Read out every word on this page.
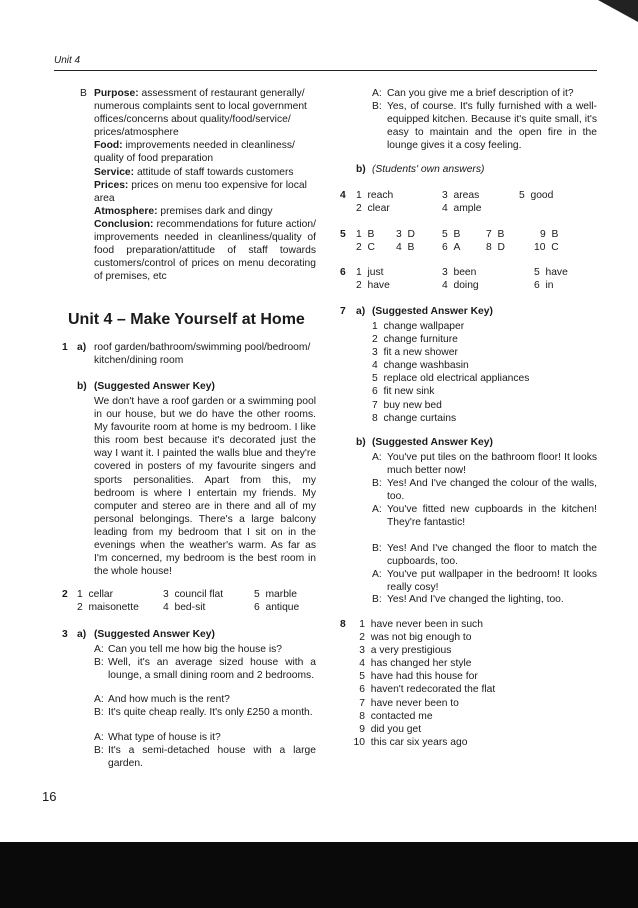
Unit 4
B Purpose: assessment of restaurant generally/ numerous complaints sent to local government offices/concerns about quality/food/service/ prices/atmosphere
Food: improvements needed in cleanliness/ quality of food preparation
Service: attitude of staff towards customers
Prices: prices on menu too expensive for local area
Atmosphere: premises dark and dingy
Conclusion: recommendations for future action/ improvements needed in cleanliness/quality of food preparation/attitude of staff towards customers/control of prices on menu decorating of premises, etc
Unit 4 – Make Yourself at Home
1 a) roof garden/bathroom/swimming pool/bedroom/ kitchen/dining room
b) (Suggested Answer Key)
We don't have a roof garden or a swimming pool in our house, but we do have the other rooms. My favourite room at home is my bedroom. I like this room best because it's decorated just the way I want it. I painted the walls blue and they're covered in posters of my favourite singers and sports personalities. Apart from this, my bedroom is where I entertain my friends. My computer and stereo are in there and all of my personal belongings. There's a large balcony leading from my bedroom that I sit on in the evenings when the weather's warm. As far as I'm concerned, my bedroom is the best room in the whole house!
2 1 cellar	3 council flat	5 marble
2 maisonette 4 bed-sit	6 antique
3 a) (Suggested Answer Key)
A: Can you tell me how big the house is?
B: Well, it's an average sized house with a lounge, a small dining room and 2 bedrooms.
A: And how much is the rent?
B: It's quite cheap really. It's only £250 a month.
A: What type of house is it?
B: It's a semi-detached house with a large garden.
A: Can you give me a brief description of it?
B: Yes, of course. It's fully furnished with a well-equipped kitchen. Because it's quite small, it's easy to maintain and the open fire in the lounge gives it a cosy feeling.
b) (Students' own answers)
4 1 reach	3 areas	5 good
2 clear	4 ample
5 1 B 3 D	5 B 7 B	9 B
2 C 4 B	6 A 8 D	10 C
6 1 just	3 been	5 have
2 have	4 doing	6 in
7 a) (Suggested Answer Key)
1 change wallpaper
2 change furniture
3 fit a new shower
4 change washbasin
5 replace old electrical appliances
6 fit new sink
7 buy new bed
8 change curtains
b) (Suggested Answer Key)
A: You've put tiles on the bathroom floor! It looks much better now!
B: Yes! And I've changed the colour of the walls, too.
A: You've fitted new cupboards in the kitchen! They're fantastic!
B: Yes! And I've changed the floor to match the cupboards, too.
A: You've put wallpaper in the bedroom! It looks really cosy!
B: Yes! And I've changed the lighting, too.
8	1 have never been in such
2 was not big enough to
3 a very prestigious
4 has changed her style
5 have had this house for
6 haven't redecorated the flat
7 have never been to
8 contacted me
9 did you get
10 this car six years ago
16
